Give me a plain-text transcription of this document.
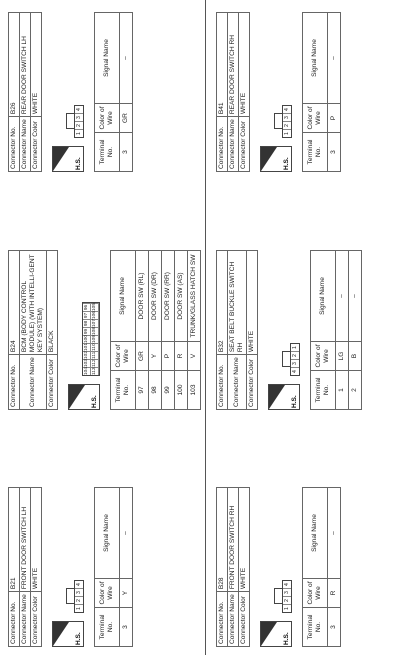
Connector No.	B21
Connector Name	FRONT DOOR SWITCH LH
Connector Color	WHITE
H.S.
1
2
3
4
Terminal No.	Color of Wire	Signal Name
3	Y	–
Connector No.	B24
Connector Name	BCM (BODY CONTROL MODULE) (WITH INTELLI-GENT KEY SYSTEM)
Connector Color	BLACK
H.S.
104
103
102
101
100
99
98
97
96
113
112
111
110
109
108
107
106
105
Terminal No.	Color of Wire	Signal Name
97	GR	DOOR SW (RL)
98	Y	DOOR SW (DR)
99	P	DOOR SW (RR)
100	R	DOOR SW (AS)
103	V	TRUNK/GLASS HATCH SW
Connector No.	B26
Connector Name	REAR DOOR SWITCH LH
Connector Color	WHITE
H.S.
1
2
3
4
Terminal No.	Color of Wire	Signal Name
3	GR	–
Connector No.	B28
Connector Name	FRONT DOOR SWITCH RH
Connector Color	WHITE
H.S.
1
2
3
4
Terminal No.	Color of Wire	Signal Name
3	R	–
Connector No.	B32
Connector Name	SEAT BELT BUCKLE SWITCH RH
Connector Color	WHITE
H.S.
4
3
2
1
Terminal No.	Color of Wire	Signal Name
1	LG	–
2	B	–
Connector No.	B41
Connector Name	REAR DOOR SWITCH RH
Connector Color	WHITE
H.S.
1
2
3
4
Terminal No.	Color of Wire	Signal Name
3	P	–
